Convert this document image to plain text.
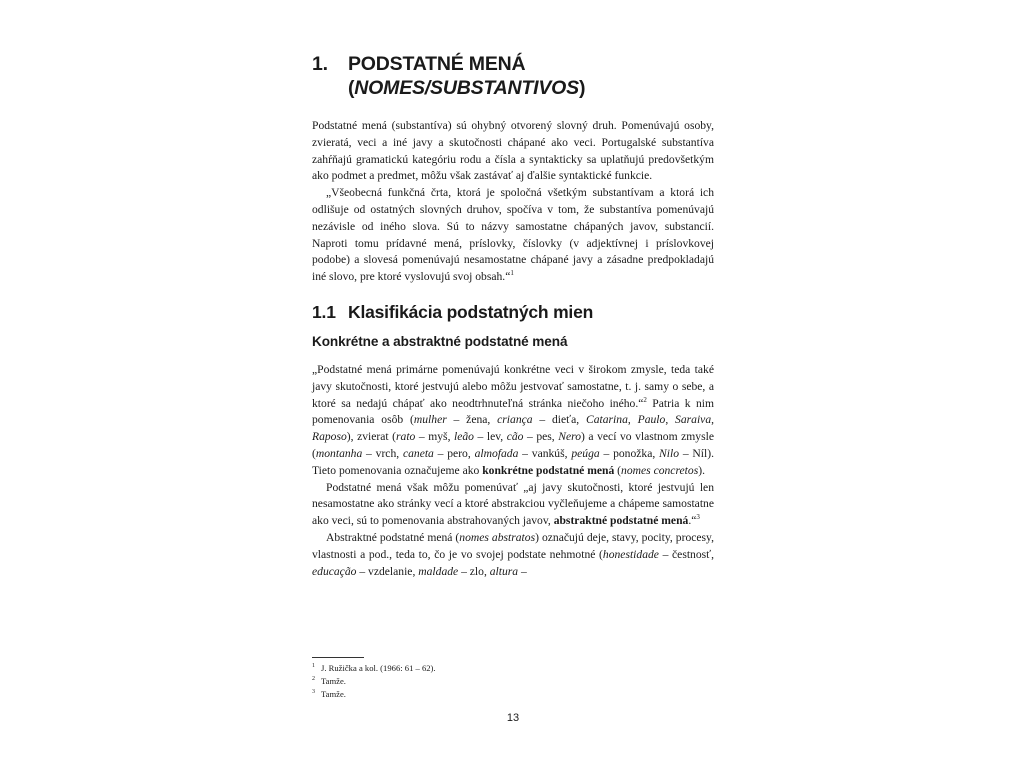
1.	PODSTATNÉ MENÁ
(NOMES/SUBSTANTIVOS)

Podstatné mená (substantíva) sú ohybný otvorený slovný druh. Pomenúvajú osoby, zvieratá, veci a iné javy a skutočnosti chápané ako veci. Portugalské substantíva zahŕňajú gramatickú kategóriu rodu a čísla a syntakticky sa uplatňujú predovšetkým ako podmet a predmet, môžu však zastávať aj ďalšie syntaktické funkcie.

„Všeobecná funkčná črta, ktorá je spoločná všetkým substantívam a ktorá ich odlišuje od ostatných slovných druhov, spočíva v tom, že substantíva pomenúvajú nezávisle od iného slova. Sú to názvy samostatne chápaných javov, substancií. Naproti tomu prídavné mená, príslovky, číslovky (v adjektívnej i príslovkovej podobe) a slovesá pomenúvajú nesamostatne chápané javy a zásadne predpokladajú iné slovo, pre ktoré vyslovujú svoj obsah.“$^1$

1.1 Klasifikácia podstatných mien
Konkrétne a abstraktné podstatné mená

„Podstatné mená primárne pomenúvajú konkrétne veci v širokom zmysle, teda také javy skutočnosti, ktoré jestvujú alebo môžu jestvovať samostatne, t. j. samy o sebe, a ktoré sa nedajú chápať ako neodtrhnuteľná stránka niečoho iného.“$^2$ Patria k nim pomenovania osôb (mulher – žena, criança – dieťa, Catarina, Paulo, Saraiva, Raposo), zvierat (rato – myš, leão – lev, cão – pes, Nero) a vecí vo vlastnom zmysle (montanha – vrch, caneta – pero, almofada – vankúš, peúga – ponožka, Nilo – Níl). Tieto pomenovania označujeme ako konkrétne podstatné mená (nomes concretos).

Podstatné mená však môžu pomenúvať „aj javy skutočnosti, ktoré jestvujú len nesamostatne ako stránky vecí a ktoré abstrakciou vyčleňujeme a chápeme samostatne ako veci, sú to pomenovania abstrahovaných javov, abstraktné podstatné mená.“$^3$

Abstraktné podstatné mená (nomes abstratos) označujú deje, stavy, pocity, procesy, vlastnosti a pod., teda to, čo je vo svojej podstate nehmotné (honestidade – čestnosť, educação – vzdelanie, maldade – zlo, altura –

$^1$ J. Ružička a kol. (1966: 61 – 62).
$^2$ Tamže.
$^3$ Tamže.
13
